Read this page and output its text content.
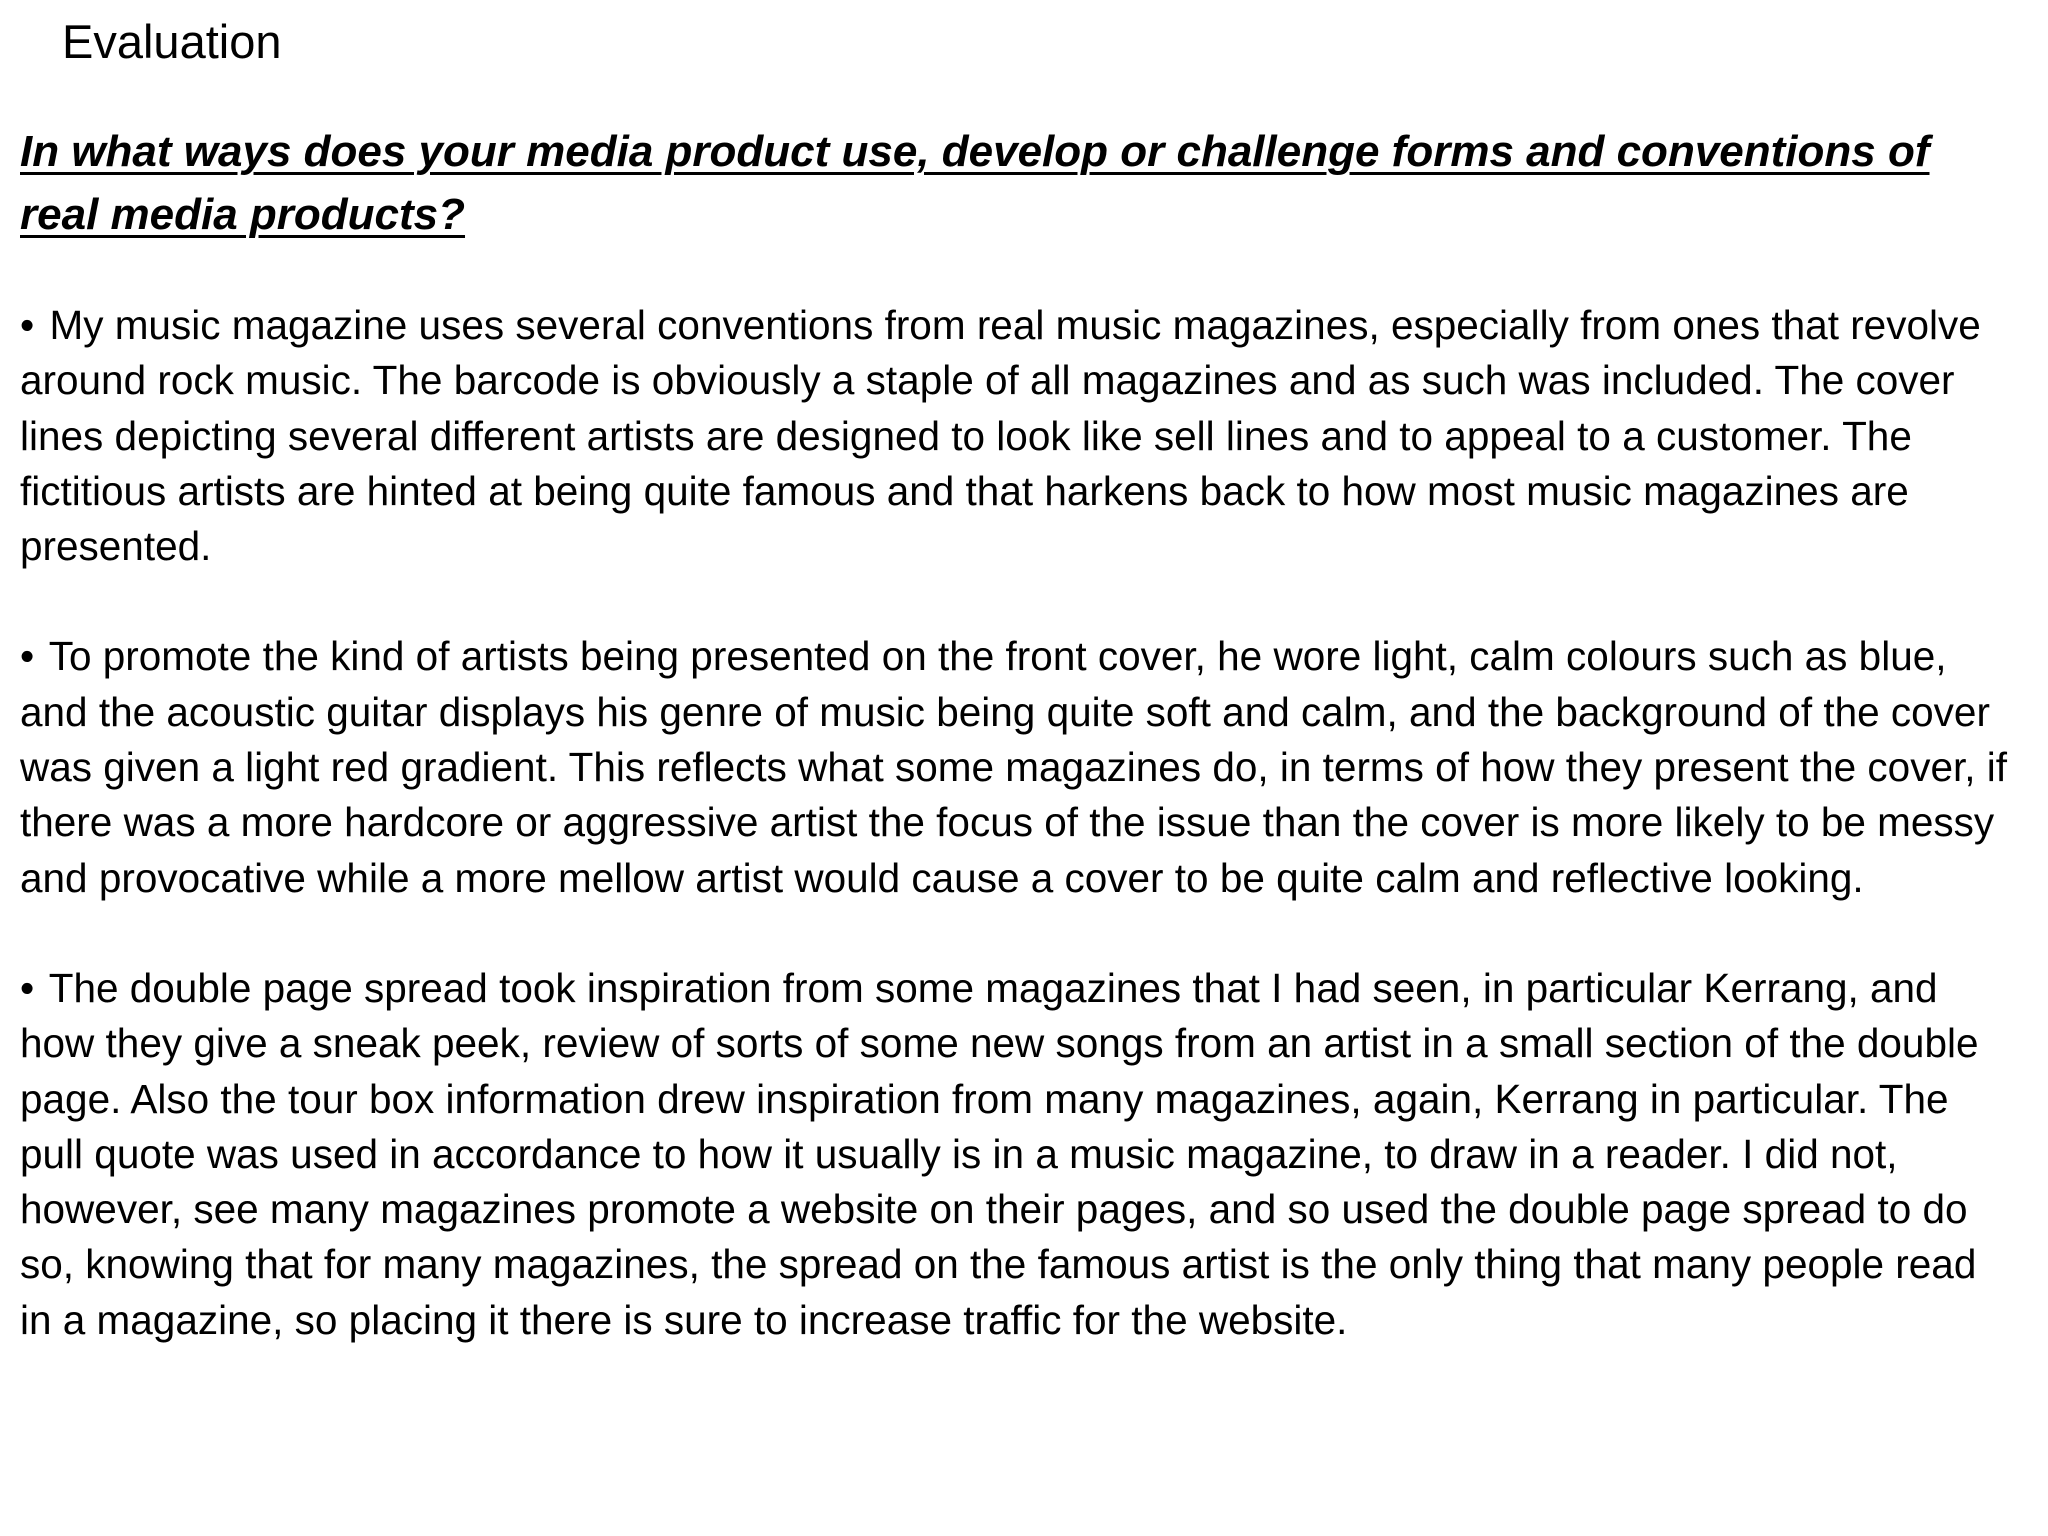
Evaluation

In what ways does your media product use, develop or challenge forms and conventions of real media products?

• My music magazine uses several conventions from real music magazines, especially from ones that revolve around rock music. The barcode is obviously a staple of all magazines and as such was included. The cover lines depicting several different artists are designed to look like sell lines and to appeal to a customer. The fictitious artists are hinted at being quite famous and that harkens back to how most music magazines are presented.
• To promote the kind of artists being presented on the front cover, he wore light, calm colours such as blue, and the acoustic guitar displays his genre of music being quite soft and calm, and the background of the cover was given a light red gradient. This reflects what some magazines do, in terms of how they present the cover, if there was a more hardcore or aggressive artist the focus of the issue than the cover is more likely to be messy and provocative while a more mellow artist would cause a cover to be quite calm and reflective looking.
• The double page spread took inspiration from some magazines that I had seen, in particular Kerrang, and how they give a sneak peek, review of sorts of some new songs from an artist in a small section of the double page. Also the tour box information drew inspiration from many magazines, again, Kerrang in particular. The pull quote was used in accordance to how it usually is in a music magazine, to draw in a reader. I did not, however, see many magazines promote a website on their pages, and so used the double page spread to do so, knowing that for many magazines, the spread on the famous artist is the only thing that many people read in a magazine, so placing it there is sure to increase traffic for the website.
